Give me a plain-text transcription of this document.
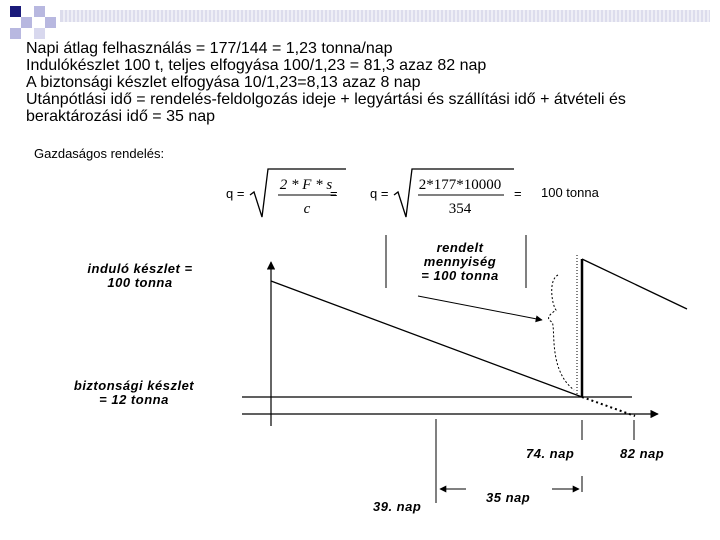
Napi átlag felhasználás = 177/144 = 1,23 tonna/nap
Indulókészlet 100 t, teljes elfogyása 100/1,23 = 81,3 azaz 82 nap
A biztonsági készlet elfogyása 10/1,23=8,13 azaz 8 nap
Utánpótlási idő = rendelés-feldolgozás ideje + legyártási és szállítási idő + átvételi és beraktározási idő = 35 nap
Gazdaságos rendelés:
q =
2 * F * s
c
= q =
2*177*10000
354
= 100 tonna
induló készlet =
100 tonna
biztonsági készlet
= 12 tonna
rendelt
mennyiség
= 100 tonna
74. nap	82 nap
39. nap
35 nap
